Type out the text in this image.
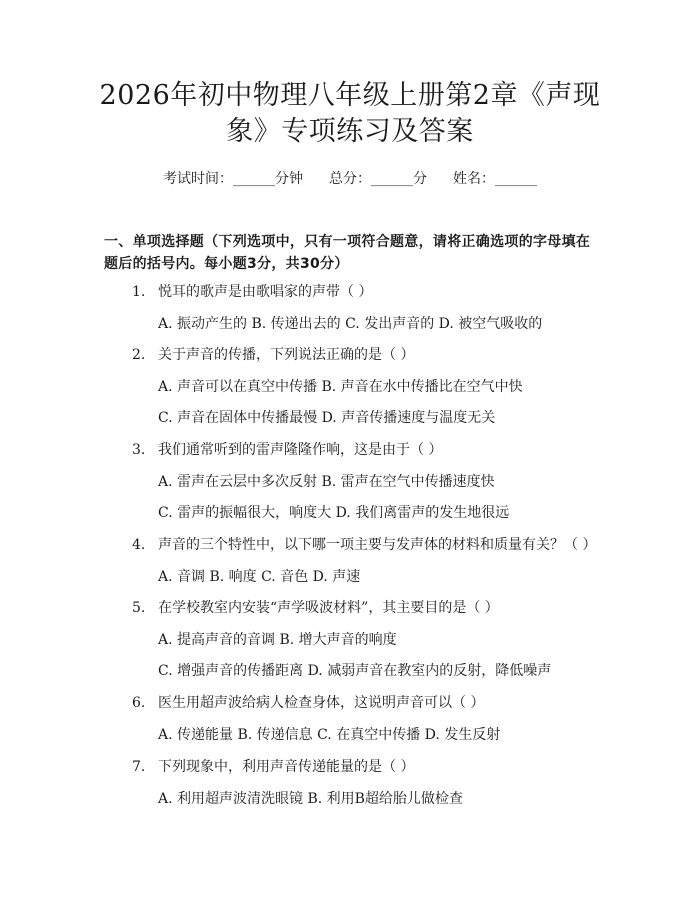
2026年初中物理八年级上册第2章《声现象》专项练习及答案
考试时间：______分钟 总分：______分 姓名：______
一、单项选择题（下列选项中，只有一项符合题意，请将正确选项的字母填在题后的括号内。每小题3分，共30分）
1. 悦耳的歌声是由歌唱家的声带（ ）
A. 振动产生的 B. 传递出去的 C. 发出声音的 D. 被空气吸收的
2. 关于声音的传播，下列说法正确的是（ ）
A. 声音可以在真空中传播 B. 声音在水中传播比在空气中快
C. 声音在固体中传播最慢 D. 声音传播速度与温度无关
3. 我们通常听到的雷声隆隆作响，这是由于（ ）
A. 雷声在云层中多次反射 B. 雷声在空气中传播速度快
C. 雷声的振幅很大，响度大 D. 我们离雷声的发生地很远
4. 声音的三个特性中，以下哪一项主要与发声体的材料和质量有关？（ ）
A. 音调 B. 响度 C. 音色 D. 声速
5. 在学校教室内安装“声学吸波材料”，其主要目的是（ ）
A. 提高声音的音调 B. 增大声音的响度
C. 增强声音的传播距离 D. 减弱声音在教室内的反射，降低噪声
6. 医生用超声波给病人检查身体，这说明声音可以（ ）
A. 传递能量 B. 传递信息 C. 在真空中传播 D. 发生反射
7. 下列现象中，利用声音传递能量的是（ ）
A. 利用超声波清洗眼镜 B. 利用B超给胎儿做检查
